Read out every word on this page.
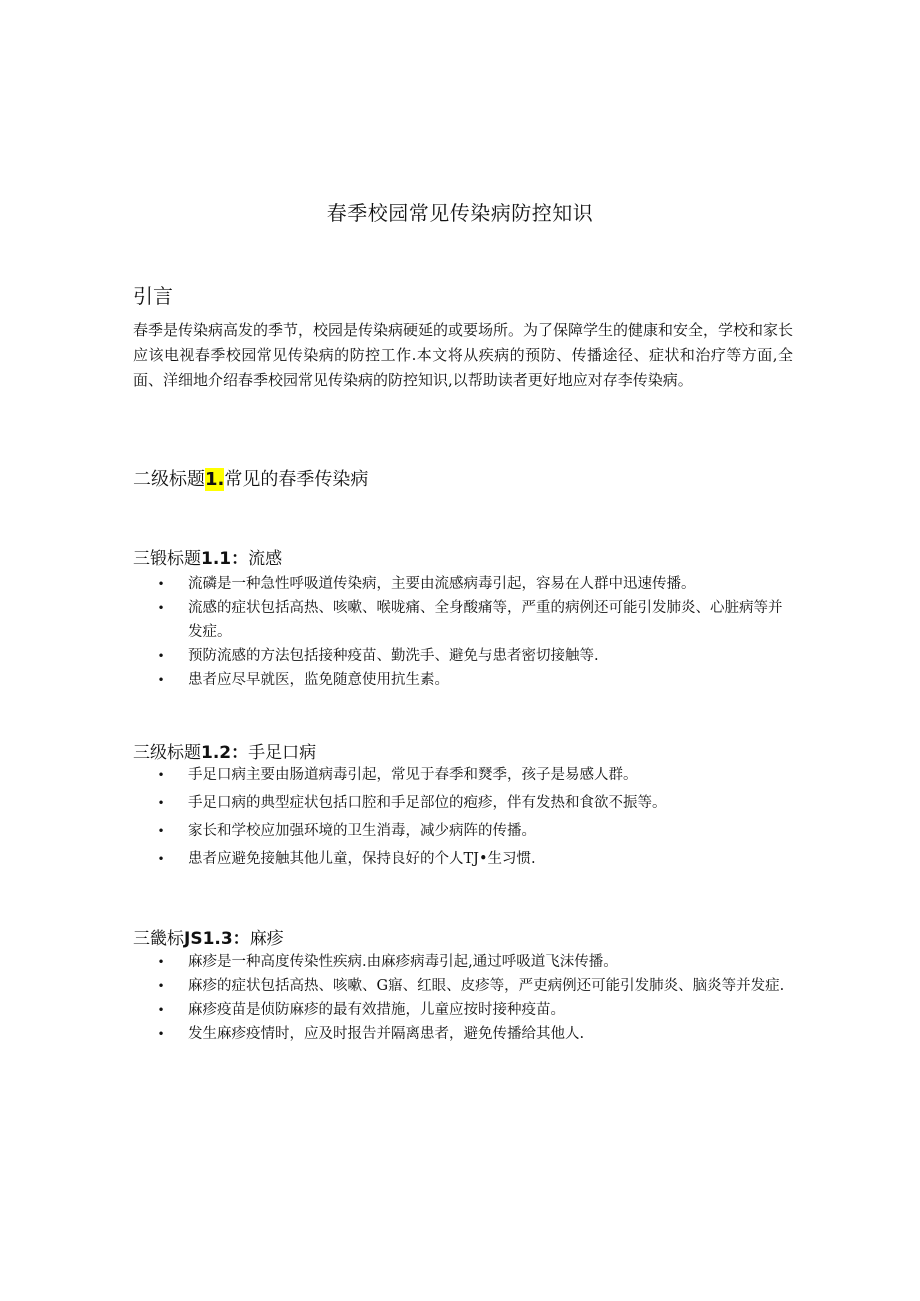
春季校园常见传染病防控知识
引言

春季是传染病高发的季节，校园是传染病硬延的或要场所。为了保障学生的健康和安全，学校和家长应该电视春季校园常见传染病的防控工作.本文将从疾病的预防、传播途径、症状和治疗等方面,全面、洋细地介绍春季校园常见传染病的防控知识,以帮助读者更好地应对存李传染病。

二级标题1.常见的春季传染病
三锻标题1.1：流感
• 流磷是一种急性呼吸道传染病，主要由流感病毒引起，容易在人群中迅速传播。
• 流感的症状包括高热、咳嗽、喉咙痛、全身酸痛等，严重的病例还可能引发肺炎、心脏病等并发症。
• 预防流感的方法包括接种疫苗、勤洗手、避免与患者密切接触等.
• 患者应尽早就医，监免随意使用抗生素。
三级标题1.2：手足口病
• 手足口病主要由肠道病毒引起，常见于春季和燹季，孩子是易感人群。
• 手足口病的典型症状包括口腔和手足部位的疱疹，伴有发热和食欲不振等。
• 家长和学校应加强环境的卫生消毒，减少病阵的传播。
• 患者应避免接触其他儿童，保持良好的个人TJ•生习惯.
三畿标JS1.3：麻疹
• 麻疹是一种高度传染性疾病.由麻疹病毒引起,通过呼吸道飞沫传播。
• 麻疹的症状包括高热、咳嗽、G寤、红眼、皮疹等，严吏病例还可能引发肺炎、脑炎等并发症.
• 麻疹疫苗是侦防麻疹的最有效措施，儿童应按时接种疫苗。
• 发生麻疹疫情时，应及时报告并隔离患者，避免传播给其他人.
